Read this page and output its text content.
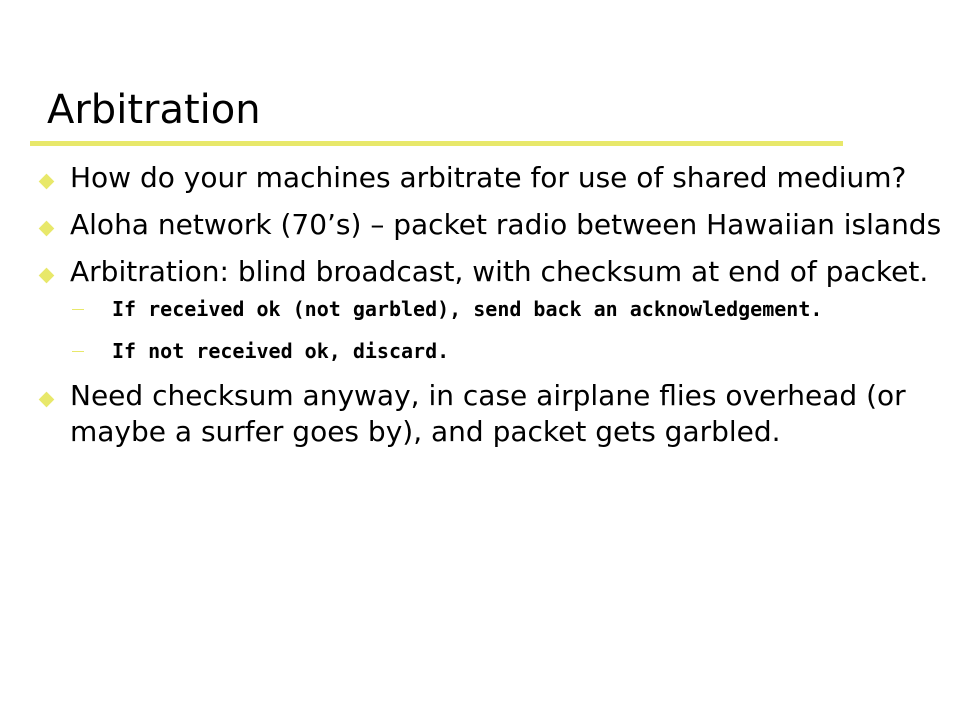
Arbitration
How do your machines arbitrate for use of shared medium?
Aloha network (70’s) – packet radio between Hawaiian islands
Arbitration: blind broadcast, with checksum at end of packet.
If received ok (not garbled), send back an acknowledgement.
If not received ok, discard.
Need checksum anyway, in case airplane flies overhead (or maybe a surfer goes by), and packet gets garbled.
